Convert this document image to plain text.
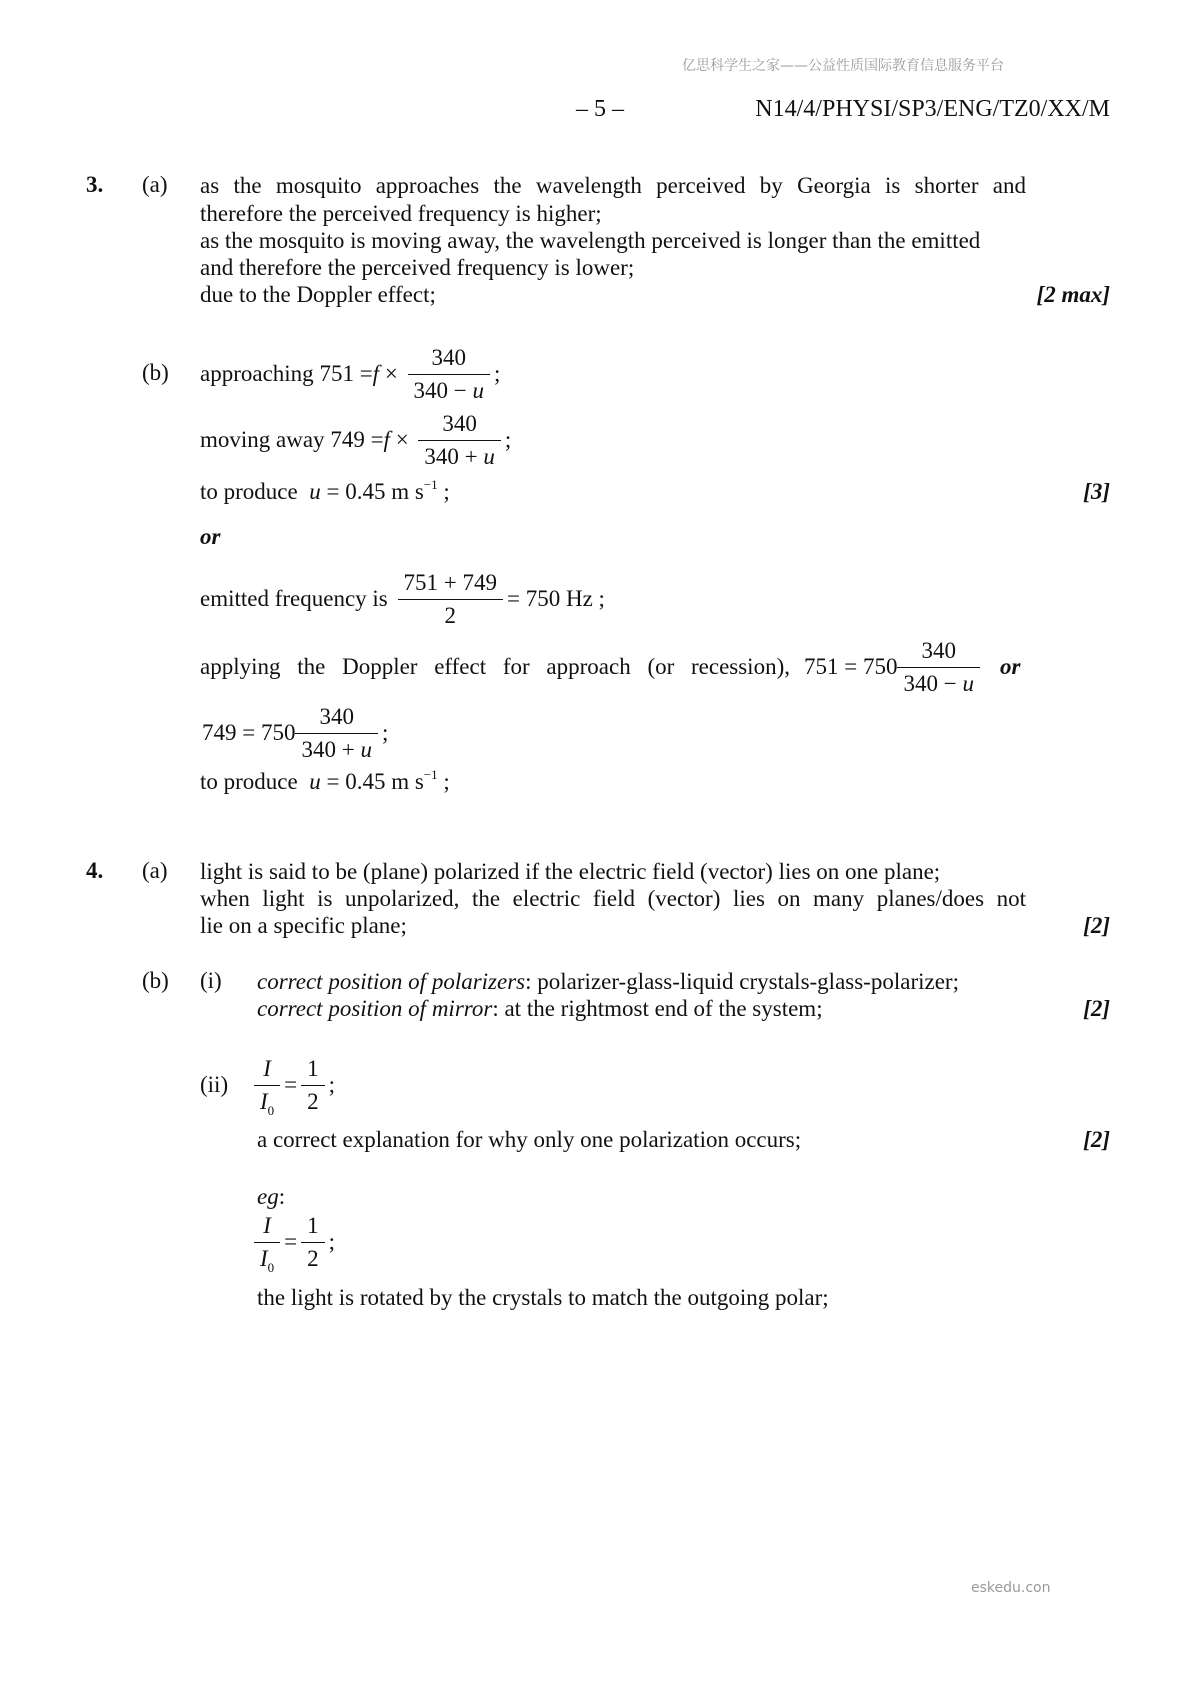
亿思科学生之家——公益性质国际教育信息服务平台
– 5 –	N14/4/PHYSI/SP3/ENG/TZ0/XX/M
3. (a) as the mosquito approaches the wavelength perceived by Georgia is shorter and
therefore the perceived frequency is higher;
as the mosquito is moving away, the wavelength perceived is longer than the emitted
and therefore the perceived frequency is lower;
due to the Doppler effect;	[2 max]
(b) approaching
$751 = f \times \frac{340}{340 - u}$ ;
moving away
$749 = f \times \frac{340}{340 + u}$ ;
to produce u = 0.45 m $s^{-1}$ ;	[3]
or
emitted frequency is
$\frac{751 + 749}{2} = 750$ Hz
;
applying the Doppler effect for approach (or recession), $751 = 750 \frac{340}{340 - u}$ or
$749 = 750 \frac{340}{340 + u}$ ;
to produce u = 0.45 m $s^{-1}$ ;
4. (a) light is said to be (plane) polarized if the electric field (vector) lies on one plane;
when light is unpolarized, the electric field (vector) lies on many planes/does not
lie on a specific plane;	[2]
(b) (i) correct position of polarizers: polarizer-glass-liquid crystals-glass-polarizer;
correct position of mirror: at the rightmost end of the system;	[2]
$(ii) \frac{I}{I_0} = \frac{1}{2}$ ;
a correct explanation for why only one polarization occurs;	[2]
eg:
$\frac{I}{I_0} = \frac{1}{2}$ ;
the light is rotated by the crystals to match the outgoing polar;
eskedu.con
